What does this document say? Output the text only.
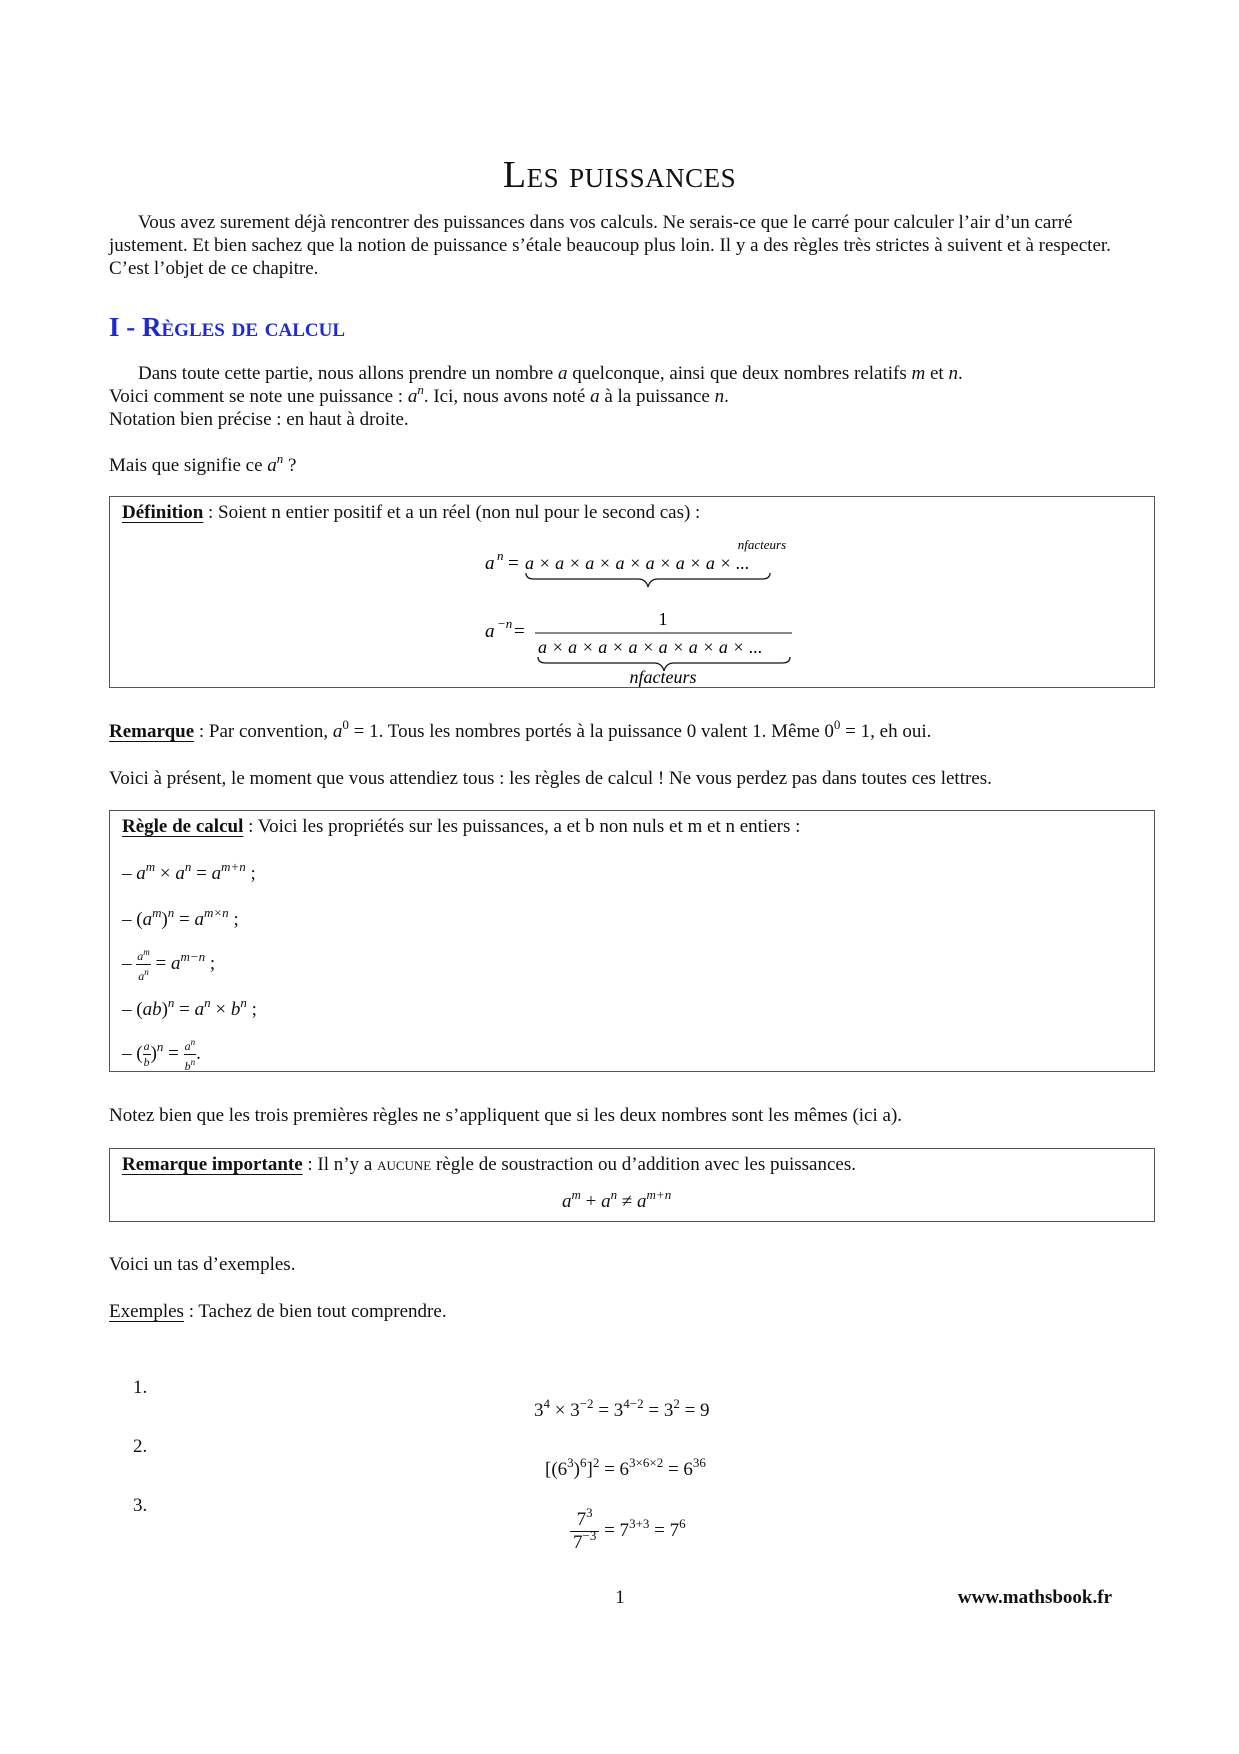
Les puissances
Vous avez surement déjà rencontrer des puissances dans vos calculs. Ne serais-ce que le carré pour calculer l’air d’un carré justement. Et bien sachez que la notion de puissance s’étale beaucoup plus loin. Il y a des règles très strictes à suivent et à respecter. C’est l’objet de ce chapitre.
I - Règles de calcul
Dans toute cette partie, nous allons prendre un nombre a quelconque, ainsi que deux nombres relatifs m et n.
Voici comment se note une puissance : $a^n$. Ici, nous avons noté a à la puissance n.
Notation bien précise : en haut à droite.
Mais que signifie ce $a^n$ ?
Définition : Soient n entier positif et a un réel (non nul pour le second cas) :
nfacteurs
a n = a × a × a × a × a × a × a × ...
a −n =
1
a × a × a × a × a × a × a × ...
nfacteurs
Remarque : Par convention, $a^0 = 1$. Tous les nombres portés à la puissance 0 valent 1. Même $0^0 = 1$, eh oui.
Voici à présent, le moment que vous attendiez tous : les règles de calcul ! Ne vous perdez pas dans toutes ces lettres.
Règle de calcul : Voici les propriétés sur les puissances, a et b non nuls et m et n entiers :
– $a^m \times a^n = a^{m+n}$ ;
– $(a^m)^n = a^{m\times n}$ ;
– $\frac{a^m}{a^n} = a^{m-n}$ ;
– $(ab)^n = a^n \times b^n$ ;
– ( $\frac{a}{b} )^n = \frac{a^n}{b^n}$ .
Notez bien que les trois premières règles ne s’appliquent que si les deux nombres sont les mêmes (ici a).
Remarque importante : Il n’y a aucune règle de soustraction ou d’addition avec les puissances.
$a^m + a^n \ne a^{m+n}$
Voici un tas d’exemples.
Exemples : Tachez de bien tout comprendre.
1.
$3^4 \times 3^{-2} = 3^{4-2} = 3^2 = 9$
2.
$[(6^3)^6]^2 = 6^{3\times 6\times 2} = 6^{36}$
3.
$\frac{7^3}{7^{-3}} = 7^{3+3} = 7^6$
1	www.mathsbook.fr
